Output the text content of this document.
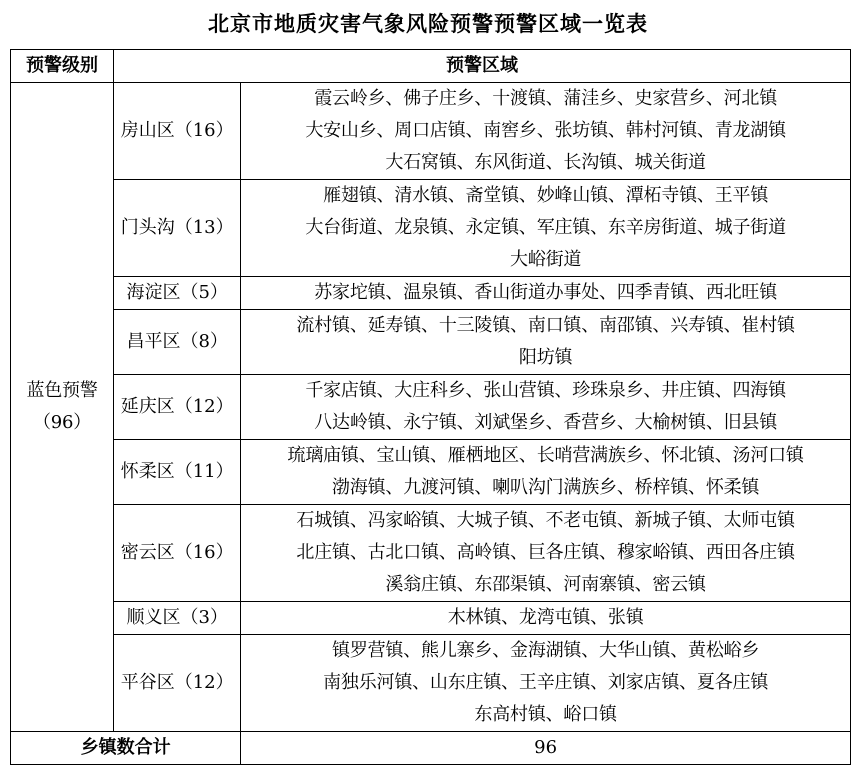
北京市地质灾害气象风险预警预警区域一览表
预警级别	预警区域	

蓝色预警
（96）	房山区（16）	霞云岭乡、佛子庄乡、十渡镇、蒲洼乡、史家营乡、河北镇
大安山乡、周口店镇、南窖乡、张坊镇、韩村河镇、青龙湖镇
大石窝镇、东风街道、长沟镇、城关街道

	门头沟（13）	雁翅镇、清水镇、斋堂镇、妙峰山镇、潭柘寺镇、王平镇
大台街道、龙泉镇、永定镇、军庄镇、东辛房街道、城子街道
大峪街道

	海淀区（5）	苏家坨镇、温泉镇、香山街道办事处、四季青镇、西北旺镇

	昌平区（8）	流村镇、延寿镇、十三陵镇、南口镇、南邵镇、兴寿镇、崔村镇
阳坊镇

	延庆区（12）	千家店镇、大庄科乡、张山营镇、珍珠泉乡、井庄镇、四海镇
八达岭镇、永宁镇、刘斌堡乡、香营乡、大榆树镇、旧县镇

	怀柔区（11）	琉璃庙镇、宝山镇、雁栖地区、长哨营满族乡、怀北镇、汤河口镇
渤海镇、九渡河镇、喇叭沟门满族乡、桥梓镇、怀柔镇

	密云区（16）	石城镇、冯家峪镇、大城子镇、不老屯镇、新城子镇、太师屯镇
北庄镇、古北口镇、高岭镇、巨各庄镇、穆家峪镇、西田各庄镇
溪翁庄镇、东邵渠镇、河南寨镇、密云镇

	顺义区（3）	木林镇、龙湾屯镇、张镇

	平谷区（12）	镇罗营镇、熊儿寨乡、金海湖镇、大华山镇、黄松峪乡
南独乐河镇、山东庄镇、王辛庄镇、刘家店镇、夏各庄镇
东高村镇、峪口镇

乡镇数合计		96
